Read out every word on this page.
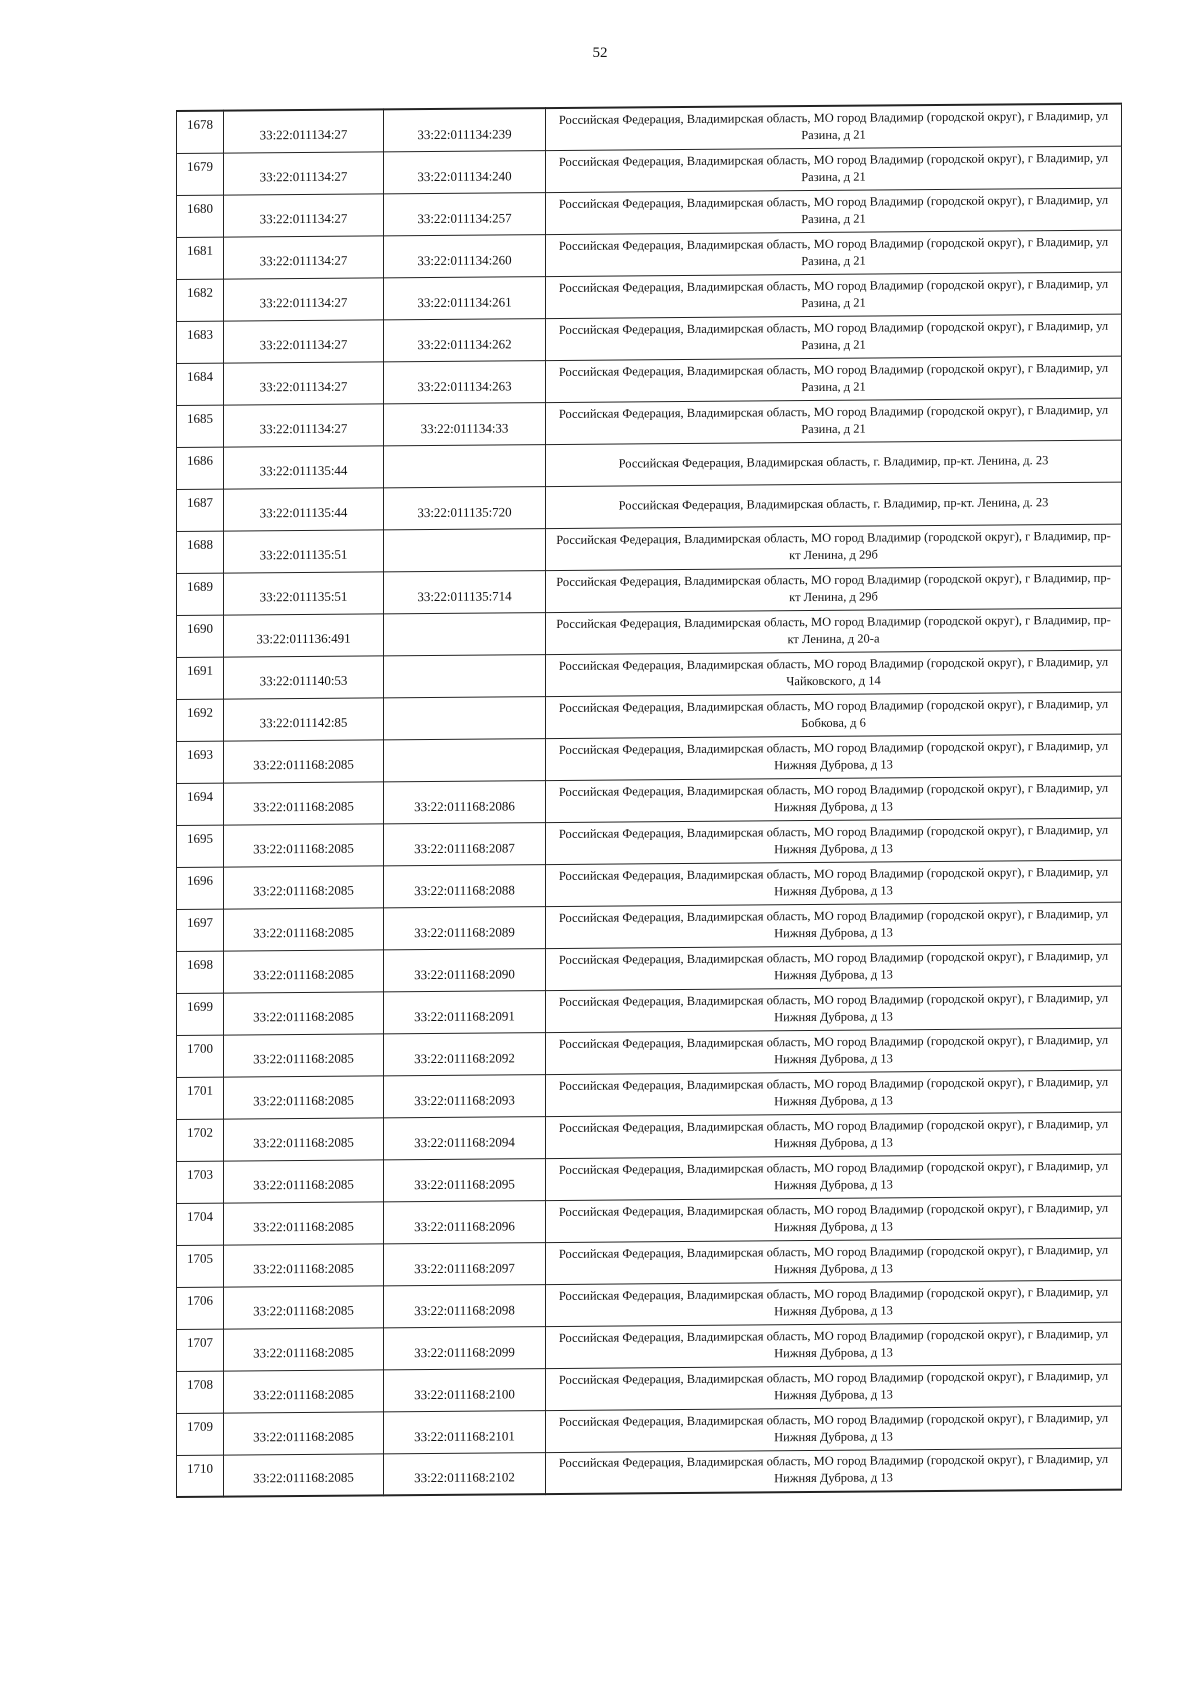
52
1678	33:22:011134:27	33:22:011134:239	Российская Федерация, Владимирская область, МО город Владимир (городской округ), г Владимир, ул Разина, д 21
1679	33:22:011134:27	33:22:011134:240	Российская Федерация, Владимирская область, МО город Владимир (городской округ), г Владимир, ул Разина, д 21
1680	33:22:011134:27	33:22:011134:257	Российская Федерация, Владимирская область, МО город Владимир (городской округ), г Владимир, ул Разина, д 21
1681	33:22:011134:27	33:22:011134:260	Российская Федерация, Владимирская область, МО город Владимир (городской округ), г Владимир, ул Разина, д 21
1682	33:22:011134:27	33:22:011134:261	Российская Федерация, Владимирская область, МО город Владимир (городской округ), г Владимир, ул Разина, д 21
1683	33:22:011134:27	33:22:011134:262	Российская Федерация, Владимирская область, МО город Владимир (городской округ), г Владимир, ул Разина, д 21
1684	33:22:011134:27	33:22:011134:263	Российская Федерация, Владимирская область, МО город Владимир (городской округ), г Владимир, ул Разина, д 21
1685	33:22:011134:27	33:22:011134:33	Российская Федерация, Владимирская область, МО город Владимир (городской округ), г Владимир, ул Разина, д 21
1686	33:22:011135:44		Российская Федерация, Владимирская область, г. Владимир, пр-кт. Ленина, д. 23
1687	33:22:011135:44	33:22:011135:720	Российская Федерация, Владимирская область, г. Владимир, пр-кт. Ленина, д. 23
1688	33:22:011135:51		Российская Федерация, Владимирская область, МО город Владимир (городской округ), г Владимир, пр-кт Ленина, д 29б
1689	33:22:011135:51	33:22:011135:714	Российская Федерация, Владимирская область, МО город Владимир (городской округ), г Владимир, пр-кт Ленина, д 29б
1690	33:22:011136:491		Российская Федерация, Владимирская область, МО город Владимир (городской округ), г Владимир, пр-кт Ленина, д 20-а
1691	33:22:011140:53		Российская Федерация, Владимирская область, МО город Владимир (городской округ), г Владимир, ул Чайковского, д 14
1692	33:22:011142:85		Российская Федерация, Владимирская область, МО город Владимир (городской округ), г Владимир, ул Бобкова, д 6
1693	33:22:011168:2085		Российская Федерация, Владимирская область, МО город Владимир (городской округ), г Владимир, ул Нижняя Дуброва, д 13
1694	33:22:011168:2085	33:22:011168:2086	Российская Федерация, Владимирская область, МО город Владимир (городской округ), г Владимир, ул Нижняя Дуброва, д 13
1695	33:22:011168:2085	33:22:011168:2087	Российская Федерация, Владимирская область, МО город Владимир (городской округ), г Владимир, ул Нижняя Дуброва, д 13
1696	33:22:011168:2085	33:22:011168:2088	Российская Федерация, Владимирская область, МО город Владимир (городской округ), г Владимир, ул Нижняя Дуброва, д 13
1697	33:22:011168:2085	33:22:011168:2089	Российская Федерация, Владимирская область, МО город Владимир (городской округ), г Владимир, ул Нижняя Дуброва, д 13
1698	33:22:011168:2085	33:22:011168:2090	Российская Федерация, Владимирская область, МО город Владимир (городской округ), г Владимир, ул Нижняя Дуброва, д 13
1699	33:22:011168:2085	33:22:011168:2091	Российская Федерация, Владимирская область, МО город Владимир (городской округ), г Владимир, ул Нижняя Дуброва, д 13
1700	33:22:011168:2085	33:22:011168:2092	Российская Федерация, Владимирская область, МО город Владимир (городской округ), г Владимир, ул Нижняя Дуброва, д 13
1701	33:22:011168:2085	33:22:011168:2093	Российская Федерация, Владимирская область, МО город Владимир (городской округ), г Владимир, ул Нижняя Дуброва, д 13
1702	33:22:011168:2085	33:22:011168:2094	Российская Федерация, Владимирская область, МО город Владимир (городской округ), г Владимир, ул Нижняя Дуброва, д 13
1703	33:22:011168:2085	33:22:011168:2095	Российская Федерация, Владимирская область, МО город Владимир (городской округ), г Владимир, ул Нижняя Дуброва, д 13
1704	33:22:011168:2085	33:22:011168:2096	Российская Федерация, Владимирская область, МО город Владимир (городской округ), г Владимир, ул Нижняя Дуброва, д 13
1705	33:22:011168:2085	33:22:011168:2097	Российская Федерация, Владимирская область, МО город Владимир (городской округ), г Владимир, ул Нижняя Дуброва, д 13
1706	33:22:011168:2085	33:22:011168:2098	Российская Федерация, Владимирская область, МО город Владимир (городской округ), г Владимир, ул Нижняя Дуброва, д 13
1707	33:22:011168:2085	33:22:011168:2099	Российская Федерация, Владимирская область, МО город Владимир (городской округ), г Владимир, ул Нижняя Дуброва, д 13
1708	33:22:011168:2085	33:22:011168:2100	Российская Федерация, Владимирская область, МО город Владимир (городской округ), г Владимир, ул Нижняя Дуброва, д 13
1709	33:22:011168:2085	33:22:011168:2101	Российская Федерация, Владимирская область, МО город Владимир (городской округ), г Владимир, ул Нижняя Дуброва, д 13
1710	33:22:011168:2085	33:22:011168:2102	Российская Федерация, Владимирская область, МО город Владимир (городской округ), г Владимир, ул Нижняя Дуброва, д 13
